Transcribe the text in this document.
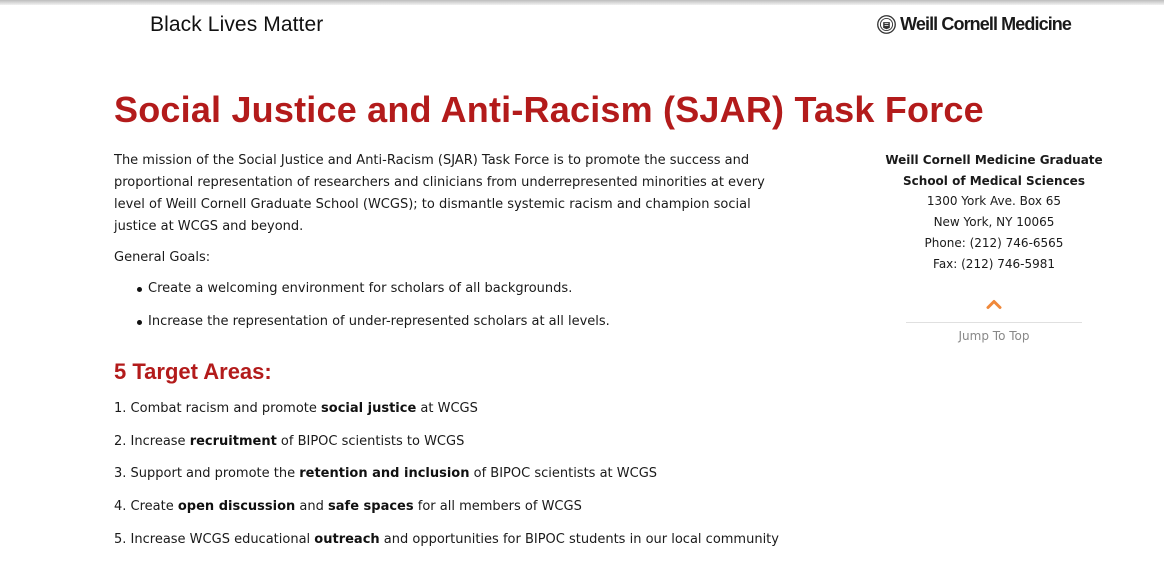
Black Lives Matter	Weill Cornell Medicine
Social Justice and Anti-Racism (SJAR) Task Force

The mission of the Social Justice and Anti-Racism (SJAR) Task Force is to promote the success and proportional representation of researchers and clinicians from underrepresented minorities at every level of Weill Cornell Graduate School (WCGS); to dismantle systemic racism and champion social justice at WCGS and beyond.

General Goals:

Create a welcoming environment for scholars of all backgrounds.
Increase the representation of under-represented scholars at all levels.
5 Target Areas:
1. Combat racism and promote social justice at WCGS
2. Increase recruitment of BIPOC scientists to WCGS
3. Support and promote the retention and inclusion of BIPOC scientists at WCGS
4. Create open discussion and safe spaces for all members of WCGS
5. Increase WCGS educational outreach and opportunities for BIPOC students in our local community
Weill Cornell Medicine Graduate
School of Medical Sciences
1300 York Ave. Box 65
New York, NY 10065
Phone: (212) 746-6565
Fax: (212) 746-5981
Jump To Top
